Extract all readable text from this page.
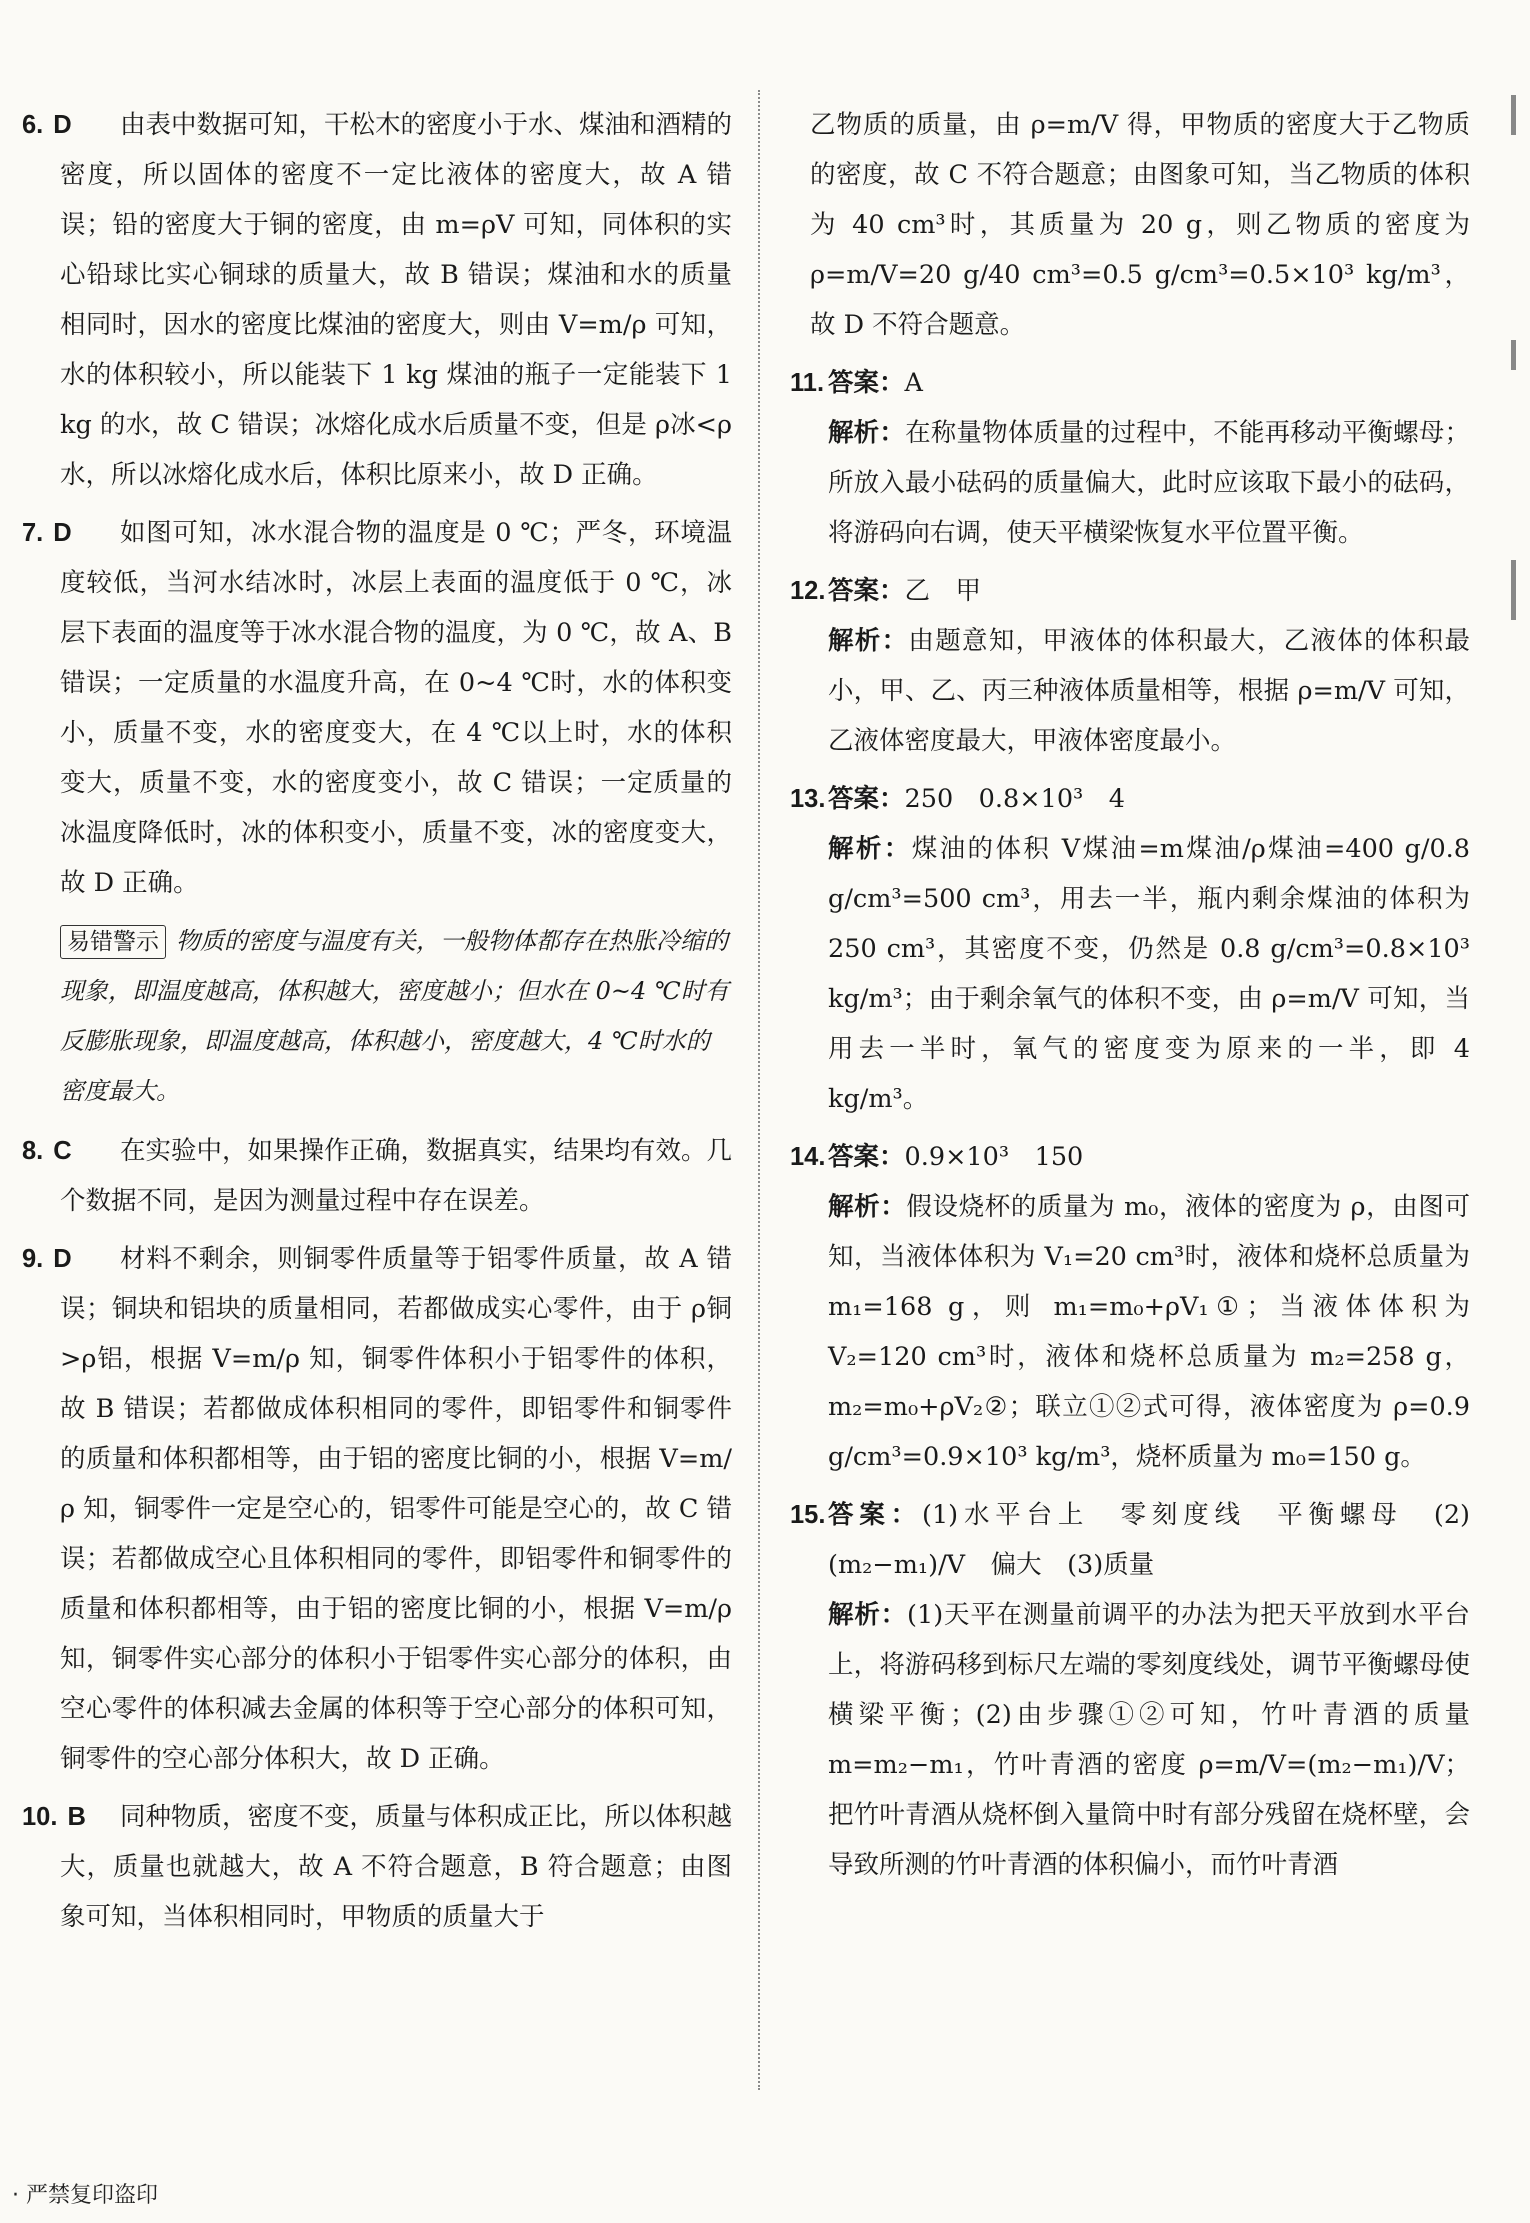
6. D	由表中数据可知，干松木的密度小于水、煤油和酒精的密度，所以固体的密度不一定比液体的密度大，故 A 错误；铅的密度大于铜的密度，由 m=ρV 可知，同体积的实心铅球比实心铜球的质量大，故 B 错误；煤油和水的质量相同时，因水的密度比煤油的密度大，则由 V=m/ρ 可知，水的体积较小，所以能装下 1 kg 煤油的瓶子一定能装下 1 kg 的水，故 C 错误；冰熔化成水后质量不变，但是 ρ冰<ρ水，所以冰熔化成水后，体积比原来小，故 D 正确。

7. D	如图可知，冰水混合物的温度是 0 ℃；严冬，环境温度较低，当河水结冰时，冰层上表面的温度低于 0 ℃，冰层下表面的温度等于冰水混合物的温度，为 0 ℃，故 A、B 错误；一定质量的水温度升高，在 0~4 ℃时，水的体积变小，质量不变，水的密度变大，在 4 ℃以上时，水的体积变大，质量不变，水的密度变小，故 C 错误；一定质量的冰温度降低时，冰的体积变小，质量不变，冰的密度变大，故 D 正确。

易错警示 物质的密度与温度有关，一般物体都存在热胀冷缩的现象，即温度越高，体积越大，密度越小；但水在 0~4 ℃时有反膨胀现象，即温度越高，体积越小，密度越大，4 ℃时水的密度最大。
8. C	在实验中，如果操作正确，数据真实，结果均有效。几个数据不同，是因为测量过程中存在误差。

9. D	材料不剩余，则铜零件质量等于铝零件质量，故 A 错误；铜块和铝块的质量相同，若都做成实心零件，由于 ρ铜>ρ铝，根据 V=m/ρ 知，铜零件体积小于铝零件的体积，故 B 错误；若都做成体积相同的零件，即铝零件和铜零件的质量和体积都相等，由于铝的密度比铜的小，根据 V=m/ρ 知，铜零件一定是空心的，铝零件可能是空心的，故 C 错误；若都做成空心且体积相同的零件，即铝零件和铜零件的质量和体积都相等，由于铝的密度比铜的小，根据 V=m/ρ 知，铜零件实心部分的体积小于铝零件实心部分的体积，由空心零件的体积减去金属的体积等于空心部分的体积可知，铜零件的空心部分体积大，故 D 正确。

10. B	同种物质，密度不变，质量与体积成正比，所以体积越大，质量也就越大，故 A 不符合题意，B 符合题意；由图象可知，当体积相同时，甲物质的质量大于

乙物质的质量，由 ρ=m/V 得，甲物质的密度大于乙物质的密度，故 C 不符合题意；由图象可知，当乙物质的体积为 40 cm³时，其质量为 20 g，则乙物质的密度为 ρ=m/V=20 g/40 cm³=0.5 g/cm³=0.5×10³ kg/m³，故 D 不符合题意。

11. 答案：A

解析：在称量物体质量的过程中，不能再移动平衡螺母；所放入最小砝码的质量偏大，此时应该取下最小的砝码，将游码向右调，使天平横梁恢复水平位置平衡。

12. 答案：乙　甲

解析：由题意知，甲液体的体积最大，乙液体的体积最小，甲、乙、丙三种液体质量相等，根据 ρ=m/V 可知，乙液体密度最大，甲液体密度最小。

13. 答案：250　0.8×10³　4

解析：煤油的体积 V煤油=m煤油/ρ煤油=400 g/0.8 g/cm³=500 cm³，用去一半，瓶内剩余煤油的体积为 250 cm³，其密度不变，仍然是 0.8 g/cm³=0.8×10³ kg/m³；由于剩余氧气的体积不变，由 ρ=m/V 可知，当用去一半时，氧气的密度变为原来的一半，即 4 kg/m³。

14. 答案：0.9×10³　150

解析：假设烧杯的质量为 m₀，液体的密度为 ρ，由图可知，当液体体积为 V₁=20 cm³时，液体和烧杯总质量为 m₁=168 g，则 m₁=m₀+ρV₁①；当液体体积为 V₂=120 cm³时，液体和烧杯总质量为 m₂=258 g，m₂=m₀+ρV₂②；联立①②式可得，液体密度为 ρ=0.9 g/cm³=0.9×10³ kg/m³，烧杯质量为 m₀=150 g。

15. 答案：(1)水平台上　零刻度线　平衡螺母　(2)(m₂−m₁)/V　偏大　(3)质量

解析：(1)天平在测量前调平的办法为把天平放到水平台上，将游码移到标尺左端的零刻度线处，调节平衡螺母使横梁平衡；(2)由步骤①②可知，竹叶青酒的质量 m=m₂−m₁，竹叶青酒的密度 ρ=m/V=(m₂−m₁)/V；把竹叶青酒从烧杯倒入量筒中时有部分残留在烧杯壁，会导致所测的竹叶青酒的体积偏小，而竹叶青酒

· 严禁复印盗印
